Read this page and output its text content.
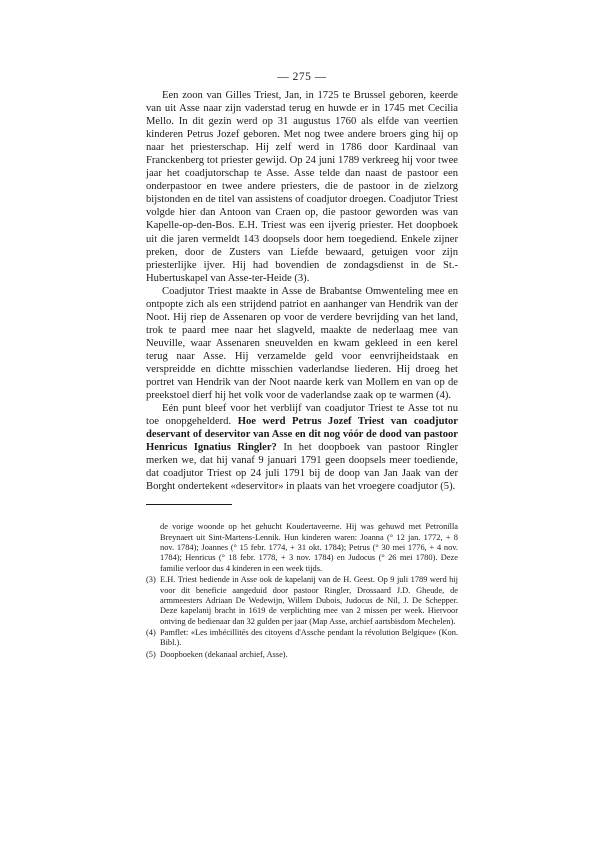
— 275 —

Een zoon van Gilles Triest, Jan, in 1725 te Brussel geboren, keerde van uit Asse naar zijn vaderstad terug en huwde er in 1745 met Cecilia Mello. In dit gezin werd op 31 augustus 1760 als elfde van veertien kinderen Petrus Jozef geboren. Met nog twee andere broers ging hij op naar het priesterschap. Hij zelf werd in 1786 door Kardinaal van Franckenberg tot priester gewijd. Op 24 juni 1789 verkreeg hij voor twee jaar het coadjutorschap te Asse. Asse telde dan naast de pastoor een onderpastoor en twee andere priesters, die de pastoor in de zielzorg bijstonden en de titel van assistens of coadjutor droegen. Coadjutor Triest volgde hier dan Antoon van Craen op, die pastoor geworden was van Kapelle-op-den-Bos. E.H. Triest was een ijverig priester. Het doopboek uit die jaren vermeldt 143 doopsels door hem toegediend. Enkele zijner preken, door de Zusters van Liefde bewaard, getuigen voor zijn priesterlijke ijver. Hij had bovendien de zondagsdienst in de St.-Hubertuskapel van Asse-ter-Heide (3).

Coadjutor Triest maakte in Asse de Brabantse Omwenteling mee en ontpopte zich als een strijdend patriot en aanhanger van Hendrik van der Noot. Hij riep de Assenaren op voor de verdere bevrijding van het land, trok te paard mee naar het slagveld, maakte de nederlaag mee van Neuville, waar Assenaren sneuvelden en kwam gekleed in een kerel terug naar Asse. Hij verzamelde geld voor eenvrijheidstaak en verspreidde en dichtte misschien vaderlandse liederen. Hij droeg het portret van Hendrik van der Noot naarde kerk van Mollem en van op de preekstoel dierf hij het volk voor de vaderlandse zaak op te warmen (4).

Eén punt bleef voor het verblijf van coadjutor Triest te Asse tot nu toe onopgehelderd. Hoe werd Petrus Jozef Triest van coadjutor deservant of deservitor van Asse en dit nog vóór de dood van pastoor Henricus Ignatius Ringler? In het doopboek van pastoor Ringler merken we, dat hij vanaf 9 januari 1791 geen doopsels meer toediende, dat coadjutor Triest op 24 juli 1791 bij de doop van Jan Jaak van der Borght ondertekent «deservitor» in plaats van het vroegere coadjutor (5).

de vorige woonde op het gehucht Koudertaveerne. Hij was gehuwd met Petronilla Breynaert uit Sint-Martens-Lennik. Hun kinderen waren: Joanna (° 12 jan. 1772, + 8 nov. 1784); Joannes (° 15 febr. 1774, + 31 okt. 1784); Petrus (° 30 mei 1776, + 4 nov. 1784); Henricus (° 18 febr. 1778, + 3 nov. 1784) en Judocus (° 26 mei 1780). Deze familie verloor dus 4 kinderen in een week tijds.

(3) E.H. Triest bediende in Asse ook de kapelanij van de H. Geest. Op 9 juli 1789 werd hij voor dit beneficie aangeduid door pastoor Ringler, Drossaard J.D. Gheude, de armmeesters Adriaan De Wedewijn, Willem Dubois, Judocus de Nil, J. De Schepper. Deze kapelanij bracht in 1619 de verplichting mee van 2 missen per week. Hiervoor ontving de bedienaar dan 32 gulden per jaar (Map Asse, archief aartsbisdom Mechelen).
(4) Pamflet: «Les imbécillités des citoyens d'Assche pendant la révolution Belgique» (Kon. Bibl.).
(5) Doopboeken (dekanaal archief, Asse).
